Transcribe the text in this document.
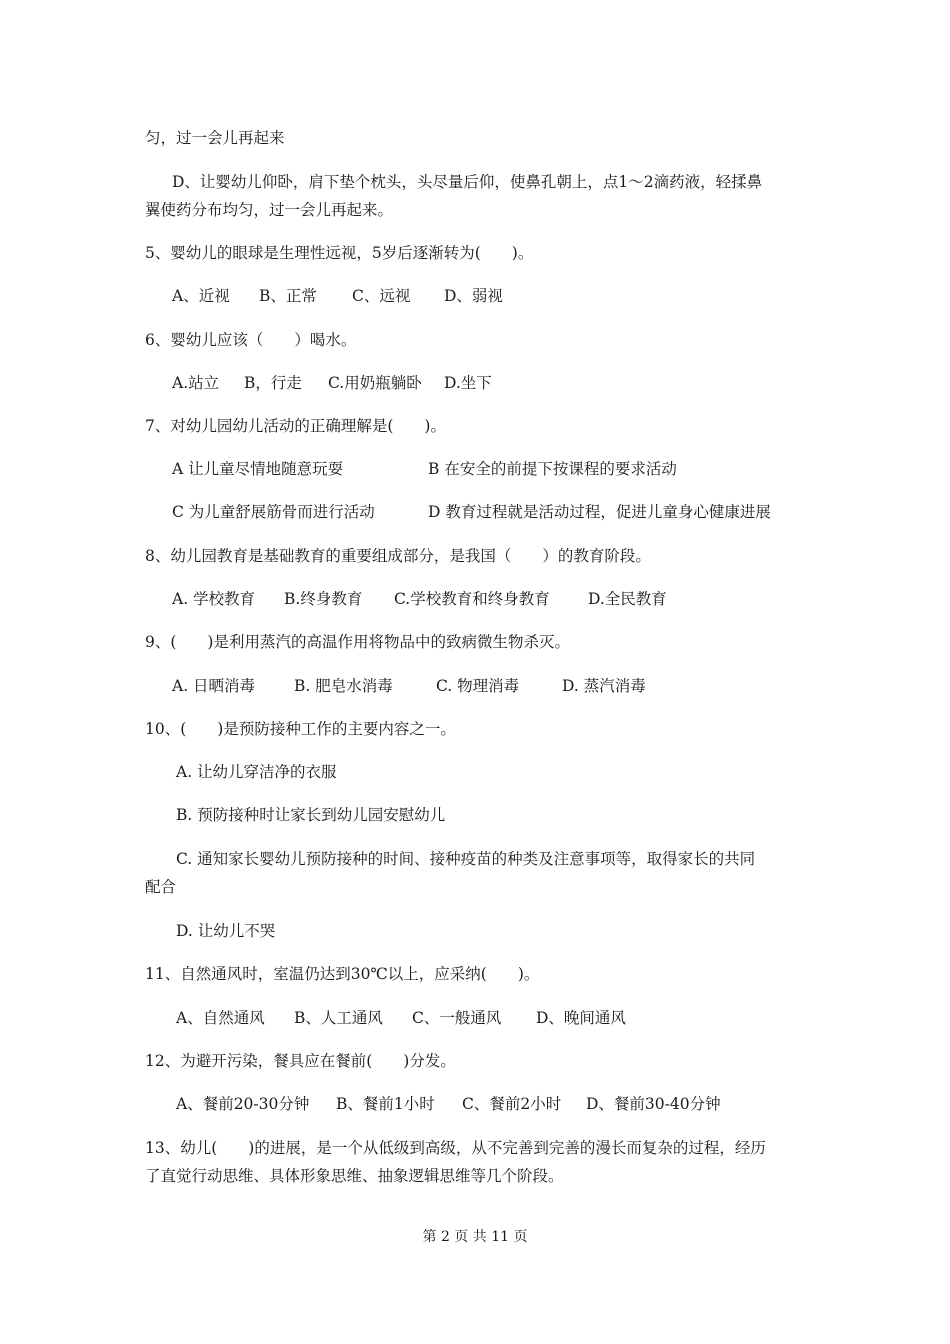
匀，过一会儿再起来

D、让婴幼儿仰卧，肩下垫个枕头，头尽量后仰，使鼻孔朝上，点1～2滴药液，轻揉鼻

翼使药分布均匀，过一会儿再起来。

5、婴幼儿的眼球是生理性远视，5岁后逐渐转为(　　)。

A、近视 B、正常 C、远视 D、弱视

6、婴幼儿应该（　　）喝水。

A.站立 B，行走 C.用奶瓶躺卧 D.坐下

7、对幼儿园幼儿活动的正确理解是(　　)。

A 让儿童尽情地随意玩耍	B 在安全的前提下按课程的要求活动
C 为儿童舒展筋骨而进行活动	D 教育过程就是活动过程，促进儿童身心健康进展

8、幼儿园教育是基础教育的重要组成部分，是我国（　　）的教育阶段。

A. 学校教育 B.终身教育 C.学校教育和终身教育 D.全民教育

9、(　　)是利用蒸汽的高温作用将物品中的致病微生物杀灭。

A. 日晒消毒	B. 肥皂水消毒	C. 物理消毒	D. 蒸汽消毒

10、(　　)是预防接种工作的主要内容之一。

A. 让幼儿穿洁净的衣服

B. 预防接种时让家长到幼儿园安慰幼儿

C. 通知家长婴幼儿预防接种的时间、接种疫苗的种类及注意事项等，取得家长的共同

配合

D. 让幼儿不哭

11、自然通风时，室温仍达到30℃以上，应采纳(　　)。

A、自然通风 B、人工通风 C、一般通风 D、晚间通风

12、为避开污染，餐具应在餐前(　　)分发。

A、餐前20-30分钟 B、餐前1小时 C、餐前2小时 D、餐前30-40分钟

13、幼儿(　　)的进展，是一个从低级到高级，从不完善到完善的漫长而复杂的过程，经历

了直觉行动思维、具体形象思维、抽象逻辑思维等几个阶段。

第 2 页 共 11 页
